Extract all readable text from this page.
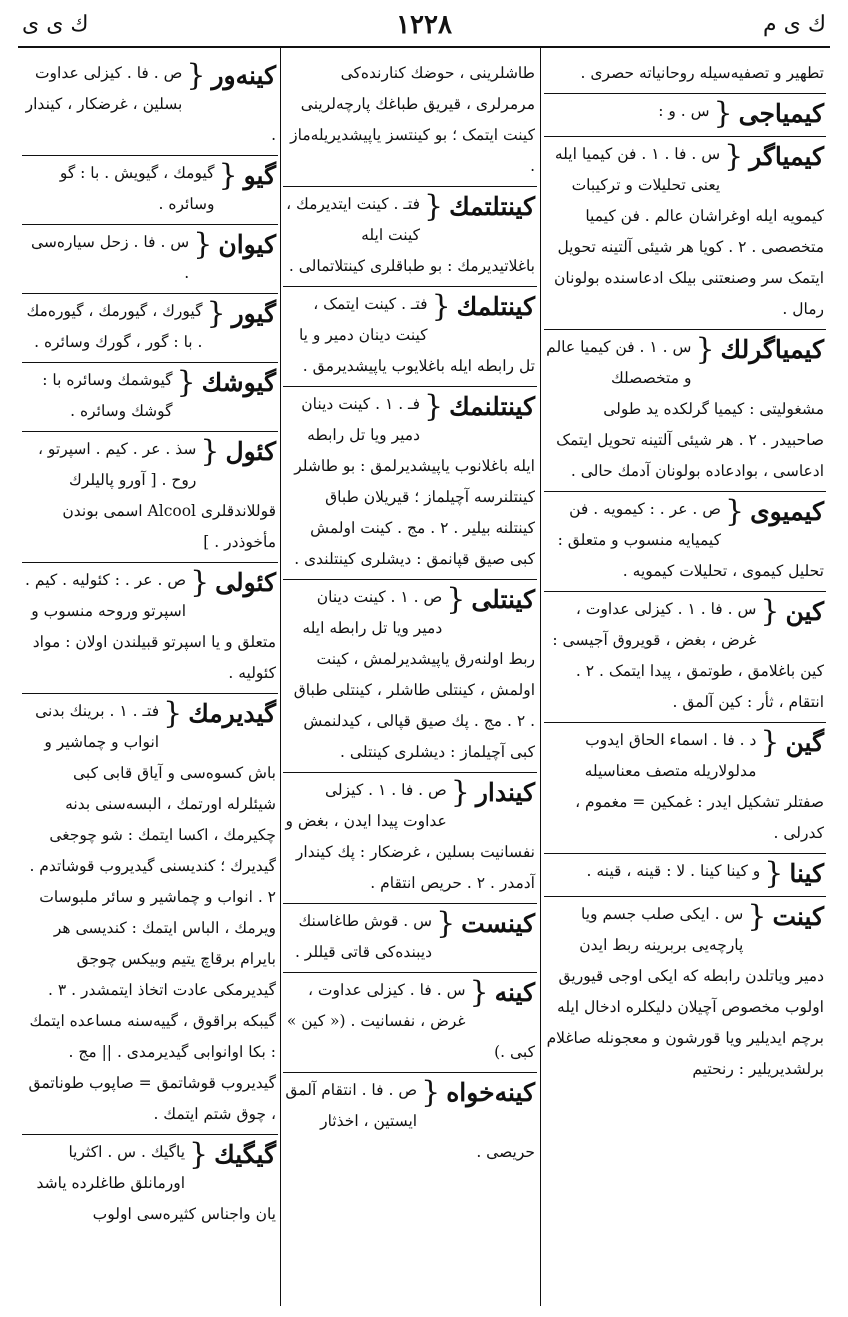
ك ی ی	١٢٢٨	ك ی م
تطهیر و تصفیه‌سیله روحانیاته حصری .
کیمیاجی
{
س . و :
کیمیاگر
{
س . فا . ١ . فن کیمیا ایله یعنی تحلیلات و ترکیبات کیمویه ایله اوغراشان عالم . فن کیمیا متخصصی . ٢ . کویا هر شیئی آلتینه تحویل ایتمک سر وصنعتنی بیلک ادعاسنده بولونان رمال .
کیمیاگرلك
{
س . ١ . فن کیمیا عالم و متخصصلك مشغولیتی : کیمیا گرلکده ید طولی صاحبیدر . ٢ . هر شیئی آلتینه تحویل ایتمک ادعاسی ، بوادعاده بولونان آدمك حالی .
کیمیوی
{
ص . عر . : کیمویه . فن کیمیایه منسوب و متعلق : تحلیل کیموی ، تحلیلات کیمویه .
کین
{
س . فا . ١ . کیزلی عداوت ، غرض ، بغض ، قویروق آجیسی : کین باغلامق ، طوتمق ، پیدا ایتمک . ٢ . انتقام ، ثأر : کین آلمق .
گین
{
د . فا . اسماء الحاق ایدوب مدلولاریله متصف معناسیله صفتلر تشکیل ایدر : غمکین = مغموم ، کدرلی .
کینا
{
و کینا کینا . لا : قینه ، قینه .
کینت
{
س . ایکی صلب جسم ویا پارچه‌یی بربرینه ربط ایدن دمیر ویاتلدن رابطه که ایکی اوجی قیوریق اولوب مخصوص آچیلان دلیکلره ادخال ایله برچم ایدیلیر ویا قورشون و معجونله صاغلام برلشدیریلیر : رنحتیم
طاشلرینی ، حوضك کنارنده‌کی مرمرلری ، قیریق طباغك پارچه‌لرینی کینت ایتمک ؛ بو کینتسز یاپیشدیریله‌ماز .
کینتلتمك
{
فتـ . کینت ایتدیرمك ، کینت ایله باغلاتیدیرمك : بو طباقلری کینتلاتمالی .
کینتلمك
{
فتـ . کینت ایتمک ، کینت دینان دمیر و یا تل رابطه ایله باغلایوب یاپیشدیرمق .
کینتلنمك
{
فـ . ١ . کینت دینان دمیر ویا تل رابطه ایله باغلانوب یاپیشدیرلمق : بو طاشلر کینتلنرسه آچیلماز ؛ قیریلان طباق کینتلنه بیلیر . ٢ . مج . کینت اولمش کبی صیق قپانمق : دیشلری کینتلندی .
کینتلی
{
ص . ١ . کینت دینان دمیر ویا تل رابطه ایله ربط اولنه‌رق یاپیشدیرلمش ، کینت اولمش ، کینتلی طاشلر ، کینتلی طباق . ٢ . مج . پك صیق قپالی ، کیدلنمش کبی آچیلماز : دیشلری کینتلی .
کیندار
{
ص . فا . ١ . کیزلی عداوت پیدا ایدن ، بغض و نفسانیت بسلین ، غرضکار : پك کیندار آدمدر . ٢ . حریص انتقام .
کینست
{
س . قوش طاغاسنك دیبنده‌کی قاتی قیللر .
کینه
{
س . فا . کیزلی عداوت ، غرض ، نفسانیت . (« کین » کبی .)
کینه‌خواه
{
ص . فا . انتقام آلمق ایستین ، اخذثار حریصی .
کینه‌ور
{
ص . فا . کیزلی عداوت بسلین ، غرضکار ، کیندار .
گیو
{
گیومك ، گیویش . با : گو وسائره .
کیوان
{
س . فا . زحل سیاره‌سی .
گیور
{
گیورك ، گیورمك ، گیوره‌مك . با : گور ، گورك وسائره .
گیوشك
{
گیوشمك وسائره با : گوشك وسائره .
کئول
{
سذ . عر . کیم . اسپرتو ، روح . [ آورو پالیلرك قوللاندقلری Alcool اسمی بوندن مأخوذدر . ]
کئولی
{
ص . عر . : کئولیه . کیم . اسپرتو وروحه منسوب و متعلق و یا اسپرتو قبیلندن اولان : مواد کئولیه .
گیدیرمك
{
فتـ . ١ . برینك بدنی انواب و چماشیر و باش کسوه‌سی و آیاق قابی کبی شیئلرله اورتمك ، البسه‌سنی بدنه چکیرمك ، اکسا ایتمك : شو چوجغی گیدیرك ؛ کندیسنی گیدیروب قوشاتدم . ٢ . انواب و چماشیر و سائر ملبوسات ویرمك ، الباس ایتمك : کندیسی هر بایرام برقاچ یتیم وبیکس چوجق گیدیرمکی عادت اتخاذ ایتمشدر . ٣ . گیبکه براقوق ، گییه‌سنه مساعده ایتمك : بکا اوانوابی گیدیرمدی . || مج . گیدیروب قوشاتمق = صاپوب طوناتمق ، چوق شتم ایتمك .
گیگیك
{
یاگیك . س . اکثریا اورمانلق طاغلرده یاشد یان واجناس کثیره‌سی اولوب
